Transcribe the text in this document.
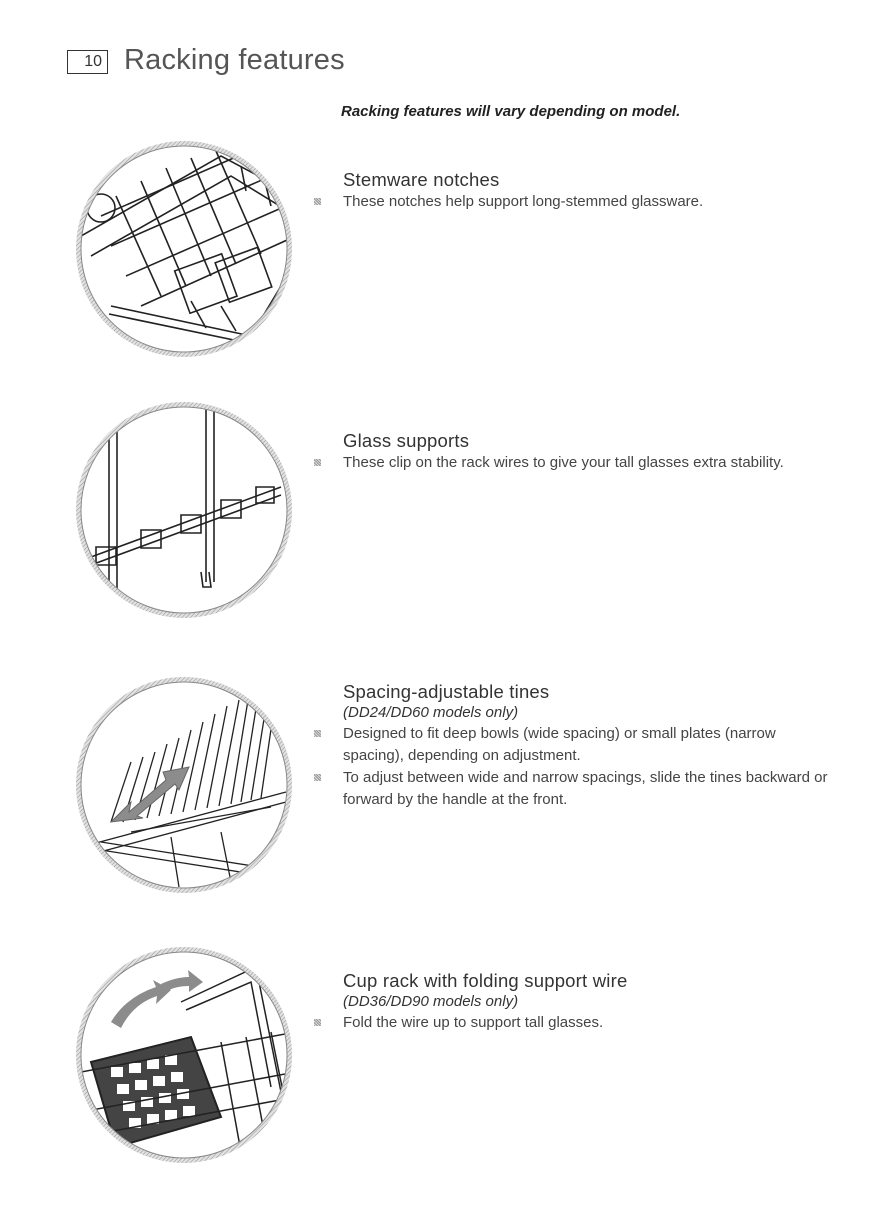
10 Racking features
Racking features will vary depending on model.
Stemware notches
These notches help support long-stemmed glassware.
Glass supports
These clip on the rack wires to give your tall glasses extra stability.
Spacing-adjustable tines
(DD24/DD60 models only)
Designed to fit deep bowls (wide spacing) or small plates (narrow spacing), depending on adjustment.
To adjust between wide and narrow spacings, slide the tines backward or forward by the handle at the front.
Cup rack with folding support wire
(DD36/DD90 models only)
Fold the wire up to support tall glasses.
